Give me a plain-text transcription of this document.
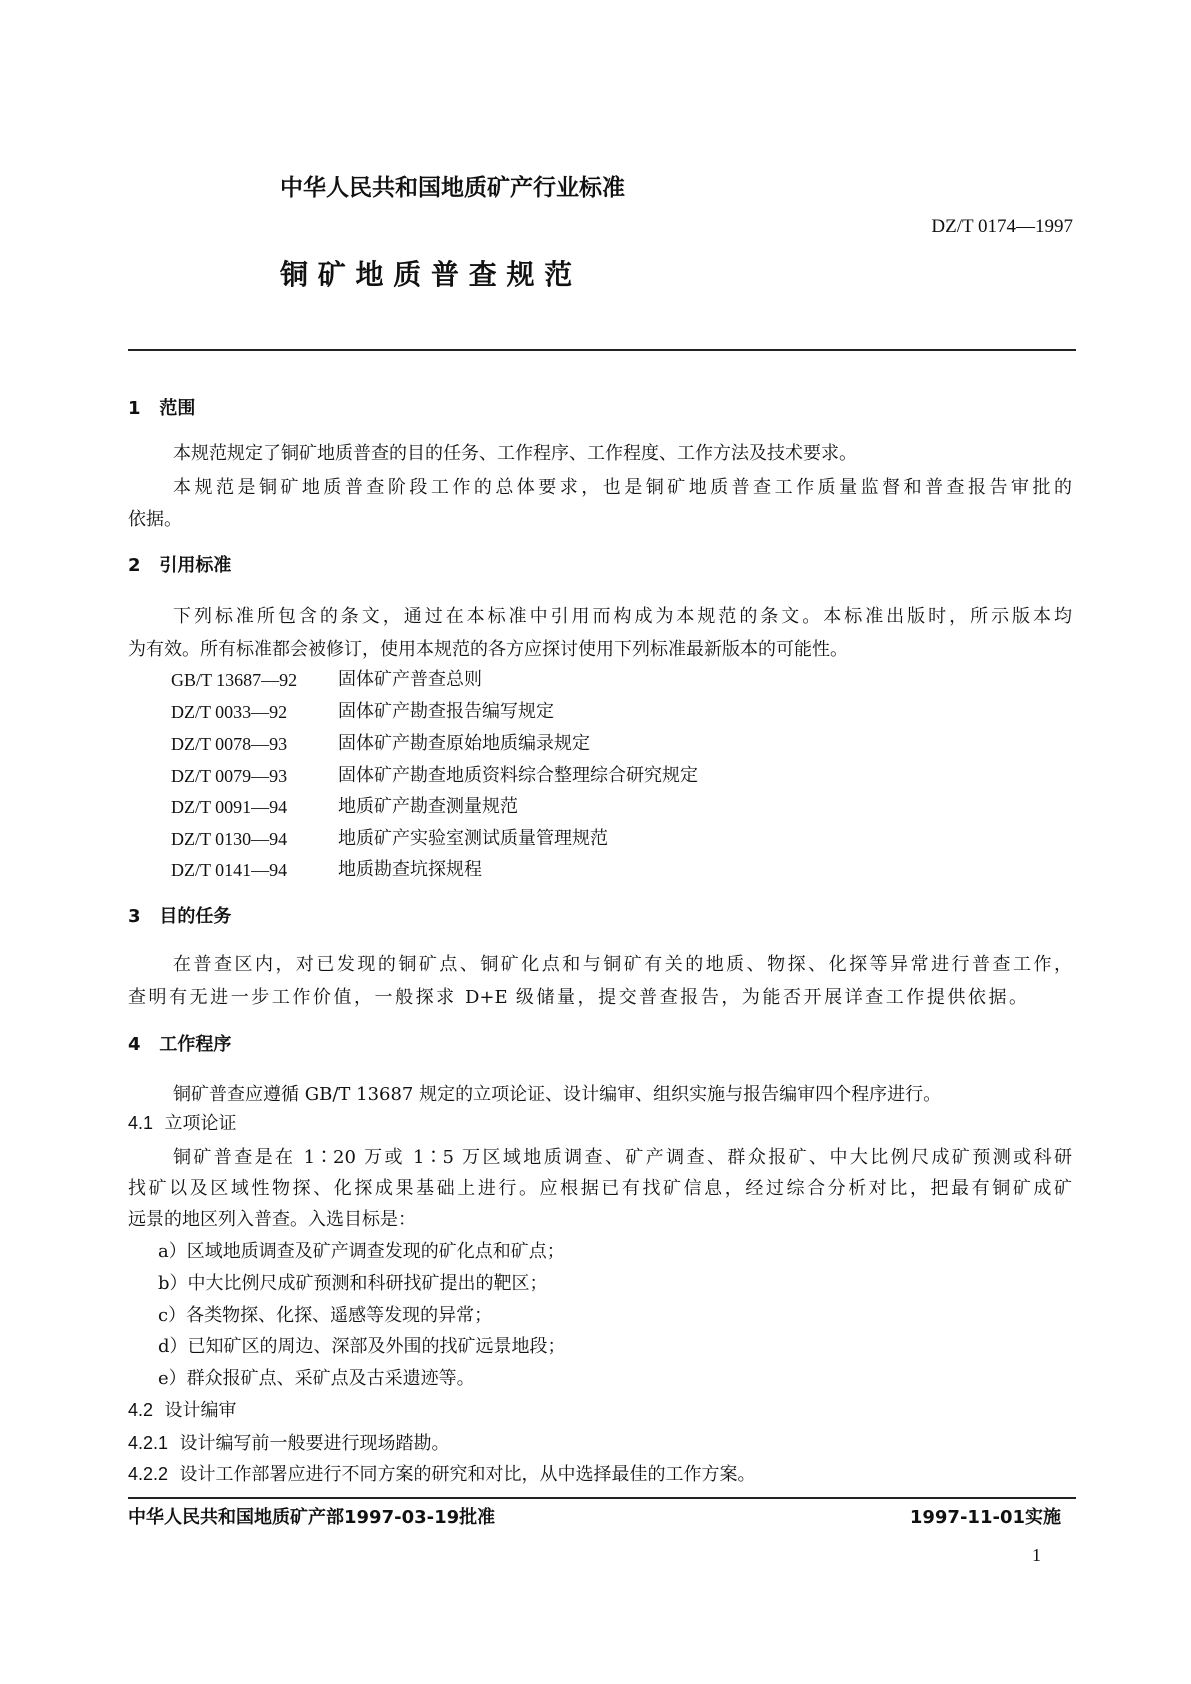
中华人民共和国地质矿产行业标准
DZ/T 0174—1997
铜 矿 地 质 普 查 规 范
1 范围
本规范规定了铜矿地质普查的目的任务、工作程序、工作程度、工作方法及技术要求。
本规范是铜矿地质普查阶段工作的总体要求，也是铜矿地质普查工作质量监督和普查报告审批的
依据。
2 引用标准
下列标准所包含的条文，通过在本标准中引用而构成为本规范的条文。本标准出版时，所示版本均
为有效。所有标准都会被修订，使用本规范的各方应探讨使用下列标准最新版本的可能性。
GB/T 13687—92 固体矿产普查总则
DZ/T 0033—92	固体矿产勘查报告编写规定
DZ/T 0078—93	固体矿产勘查原始地质编录规定
DZ/T 0079—93	固体矿产勘查地质资料综合整理综合研究规定
DZ/T 0091—94	地质矿产勘查测量规范
DZ/T 0130—94	地质矿产实验室测试质量管理规范
DZ/T 0141—94	地质勘查坑探规程
3 目的任务
在普查区内，对已发现的铜矿点、铜矿化点和与铜矿有关的地质、物探、化探等异常进行普查工作，
查明有无进一步工作价值，一般探求 D+E 级储量，提交普查报告，为能否开展详查工作提供依据。
4 工作程序
铜矿普查应遵循 GB/T 13687 规定的立项论证、设计编审、组织实施与报告编审四个程序进行。
4.1 立项论证
铜矿普查是在 1∶20 万或 1∶5 万区域地质调查、矿产调查、群众报矿、中大比例尺成矿预测或科研
找矿以及区域性物探、化探成果基础上进行。应根据已有找矿信息，经过综合分析对比，把最有铜矿成矿
远景的地区列入普查。入选目标是：
a）区域地质调查及矿产调查发现的矿化点和矿点；
b）中大比例尺成矿预测和科研找矿提出的靶区；
c）各类物探、化探、遥感等发现的异常；
d）已知矿区的周边、深部及外围的找矿远景地段；
e）群众报矿点、采矿点及古采遗迹等。
4.2 设计编审
4.2.1 设计编写前一般要进行现场踏勘。
4.2.2 设计工作部署应进行不同方案的研究和对比，从中选择最佳的工作方案。
中华人民共和国地质矿产部1997-03-19批准	1997-11-01实施
1
